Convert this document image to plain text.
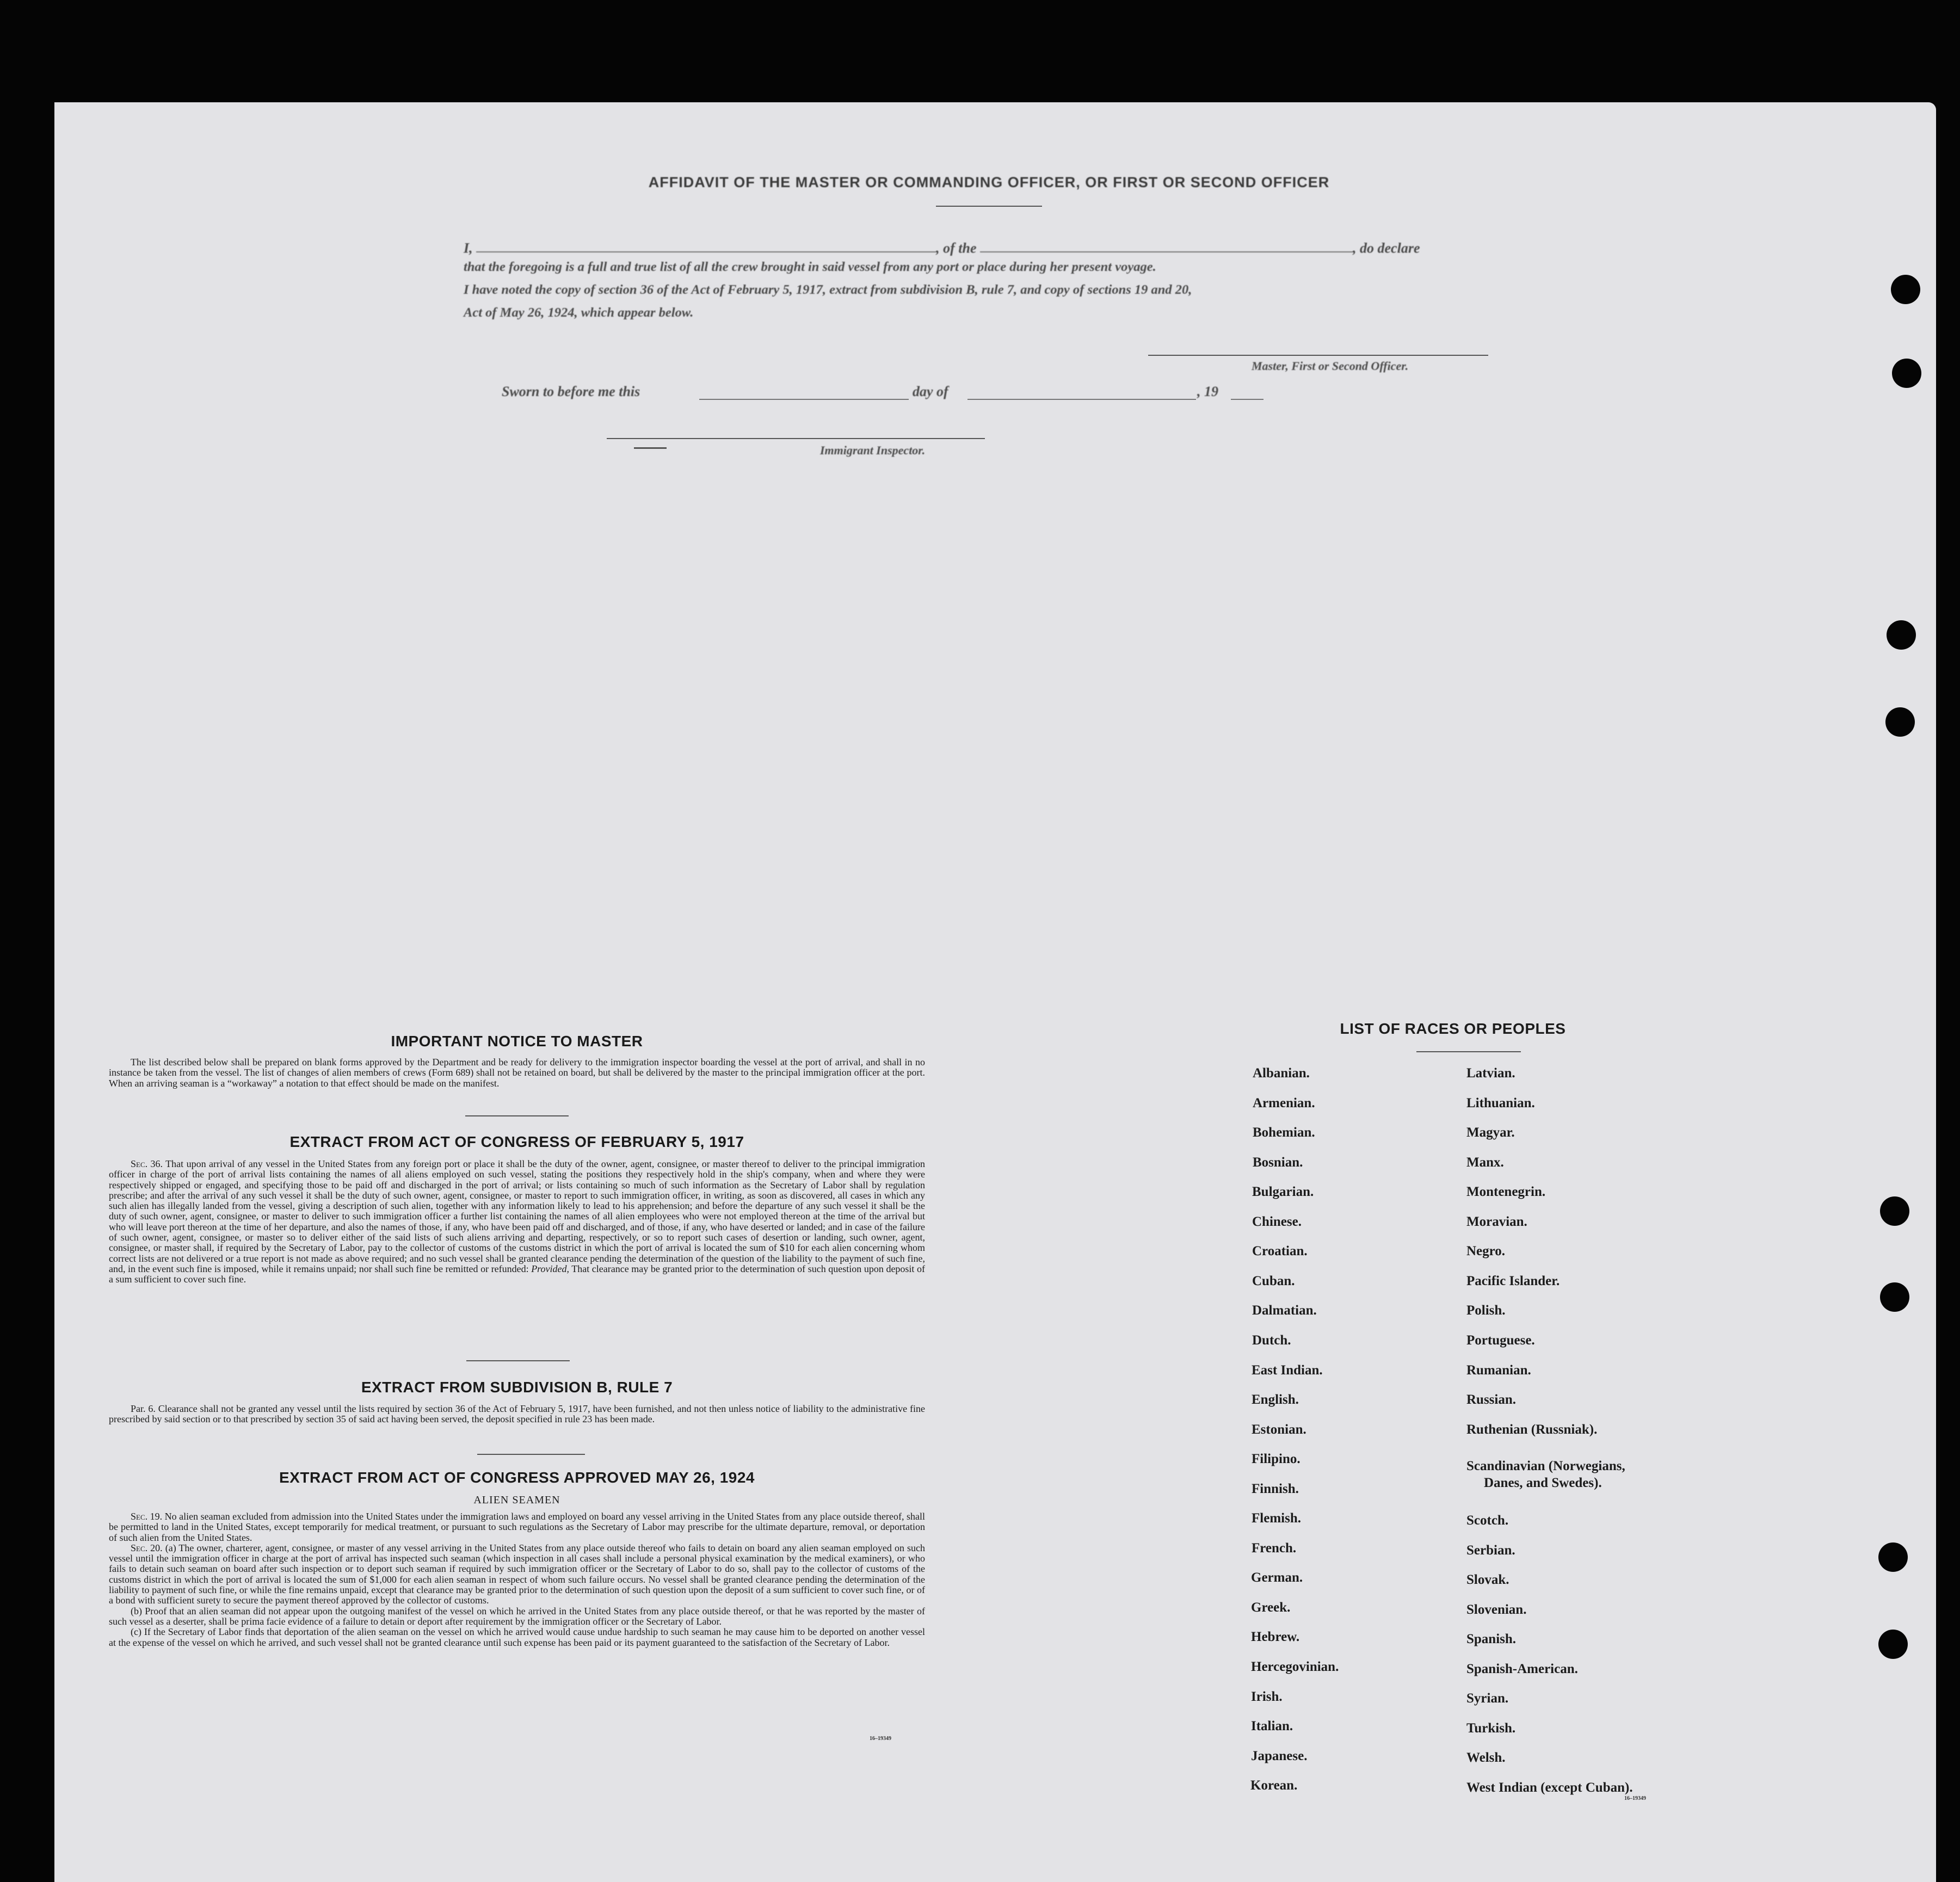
AFFIDAVIT OF THE MASTER OR COMMANDING OFFICER, OR FIRST OR SECOND OFFICER
I,	, of the	, do declare
that the foregoing is a full and true list of all the crew brought in said vessel from any port or place during her present voyage.
I have noted the copy of section 36 of the Act of February 5, 1917, extract from subdivision B, rule 7, and copy of sections 19 and 20,
Act of May 26, 1924, which appear below.
Master, First or Second Officer.
Sworn to before me this	day of	, 19
Immigrant Inspector.
IMPORTANT NOTICE TO MASTER

The list described below shall be prepared on blank forms approved by the Department and be ready for delivery to the immigration inspector boarding the vessel at the port of arrival, and shall in no instance be taken from the vessel. The list of changes of alien members of crews (Form 689) shall not be retained on board, but shall be delivered by the master to the principal immigration officer at the port. When an arriving seaman is a “workaway” a notation to that effect should be made on the manifest.

EXTRACT FROM ACT OF CONGRESS OF FEBRUARY 5, 1917

Sec. 36. That upon arrival of any vessel in the United States from any foreign port or place it shall be the duty of the owner, agent, consignee, or master thereof to deliver to the principal immigration officer in charge of the port of arrival lists containing the names of all aliens employed on such vessel, stating the positions they respectively hold in the ship's company, when and where they were respectively shipped or engaged, and specifying those to be paid off and discharged in the port of arrival; or lists containing so much of such information as the Secretary of Labor shall by regulation prescribe; and after the arrival of any such vessel it shall be the duty of such owner, agent, consignee, or master to report to such immigration officer, in writing, as soon as discovered, all cases in which any such alien has illegally landed from the vessel, giving a description of such alien, together with any information likely to lead to his apprehension; and before the departure of any such vessel it shall be the duty of such owner, agent, consignee, or master to deliver to such immigration officer a further list containing the names of all alien employees who were not employed thereon at the time of the arrival but who will leave port thereon at the time of her departure, and also the names of those, if any, who have been paid off and discharged, and of those, if any, who have deserted or landed; and in case of the failure of such owner, agent, consignee, or master so to deliver either of the said lists of such aliens arriving and departing, respectively, or so to report such cases of desertion or landing, such owner, agent, consignee, or master shall, if required by the Secretary of Labor, pay to the collector of customs of the customs district in which the port of arrival is located the sum of $10 for each alien concerning whom correct lists are not delivered or a true report is not made as above required; and no such vessel shall be granted clearance pending the determination of the question of the liability to the payment of such fine, and, in the event such fine is imposed, while it remains unpaid; nor shall such fine be remitted or refunded: Provided, That clearance may be granted prior to the determination of such question upon deposit of a sum sufficient to cover such fine.

EXTRACT FROM SUBDIVISION B, RULE 7

Par. 6. Clearance shall not be granted any vessel until the lists required by section 36 of the Act of February 5, 1917, have been furnished, and not then unless notice of liability to the administrative fine prescribed by said section or to that prescribed by section 35 of said act having been served, the deposit specified in rule 23 has been made.

EXTRACT FROM ACT OF CONGRESS APPROVED MAY 26, 1924
ALIEN SEAMEN

Sec. 19. No alien seaman excluded from admission into the United States under the immigration laws and employed on board any vessel arriving in the United States from any place outside thereof, shall be permitted to land in the United States, except temporarily for medical treatment, or pursuant to such regulations as the Secretary of Labor may prescribe for the ultimate departure, removal, or deportation of such alien from the United States.

Sec. 20. (a) The owner, charterer, agent, consignee, or master of any vessel arriving in the United States from any place outside thereof who fails to detain on board any alien seaman employed on such vessel until the immigration officer in charge at the port of arrival has inspected such seaman (which inspection in all cases shall include a personal physical examination by the medical examiners), or who fails to detain such seaman on board after such inspection or to deport such seaman if required by such immigration officer or the Secretary of Labor to do so, shall pay to the collector of customs of the customs district in which the port of arrival is located the sum of $1,000 for each alien seaman in respect of whom such failure occurs. No vessel shall be granted clearance pending the determination of the liability to payment of such fine, or while the fine remains unpaid, except that clearance may be granted prior to the determination of such question upon the deposit of a sum sufficient to cover such fine, or of a bond with sufficient surety to secure the payment thereof approved by the collector of customs.

(b) Proof that an alien seaman did not appear upon the outgoing manifest of the vessel on which he arrived in the United States from any place outside thereof, or that he was reported by the master of such vessel as a deserter, shall be prima facie evidence of a failure to detain or deport after requirement by the immigration officer or the Secretary of Labor.

(c) If the Secretary of Labor finds that deportation of the alien seaman on the vessel on which he arrived would cause undue hardship to such seaman he may cause him to be deported on another vessel at the expense of the vessel on which he arrived, and such vessel shall not be granted clearance until such expense has been paid or its payment guaranteed to the satisfaction of the Secretary of Labor.

16–19349
LIST OF RACES OR PEOPLES
Albanian.
Armenian.
Bohemian.
Bosnian.
Bulgarian.
Chinese.
Croatian.
Cuban.
Dalmatian.
Dutch.
East Indian.
English.
Estonian.
Filipino.
Finnish.
Flemish.
French.
German.
Greek.
Hebrew.
Hercegovinian.
Irish.
Italian.
Japanese.
Korean.
Latvian.
Lithuanian.
Magyar.
Manx.
Montenegrin.
Moravian.
Negro.
Pacific Islander.
Polish.
Portuguese.
Rumanian.
Russian.
Ruthenian (Russniak).
Scandinavian (Norwegians,
Danes, and Swedes).
Scotch.
Serbian.
Slovak.
Slovenian.
Spanish.
Spanish-American.
Syrian.
Turkish.
Welsh.
West Indian (except Cuban).
16–19349
